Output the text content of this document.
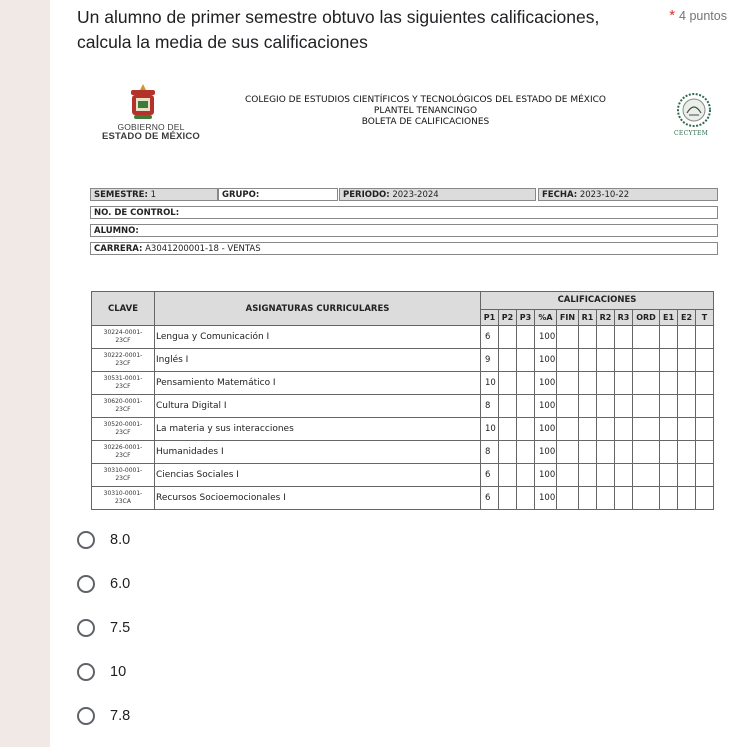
Un alumno de primer semestre obtuvo las siguientes calificaciones, calcula la media de sus calificaciones
* 4 puntos
GOBIERNO DEL
ESTADO DE MÉXICO
COLEGIO DE ESTUDIOS CIENTÍFICOS Y TECNOLÓGICOS DEL ESTADO DE MÉXICO
PLANTEL TENANCINGO
BOLETA DE CALIFICACIONES
CECYTEM
SEMESTRE: 1	GRUPO:	PERIODO: 2023-2024	FECHA: 2023-10-22
NO. DE CONTROL:
ALUMNO:
CARRERA: A3041200001-18 - VENTAS
CLAVE	ASIGNATURAS CURRICULARES	CALIFICACIONES											
		P1	P2	P3	%A	FIN	R1	R2	R3	ORD	E1	E2	T

30224-0001-
23CF	Lengua y Comunicación I	6			100								

30222-0001-
23CF	Inglés I	9			100								

30531-0001-
23CF	Pensamiento Matemático I	10			100								

30620-0001-
23CF	Cultura Digital I	8			100								

30520-0001-
23CF	La materia y sus interacciones	10			100								

30226-0001-
23CF	Humanidades I	8			100								

30310-0001-
23CF	Ciencias Sociales I	6			100								

30310-0001-
23CA	Recursos Socioemocionales I	6			100								
8.0
6.0
7.5
10
7.8
